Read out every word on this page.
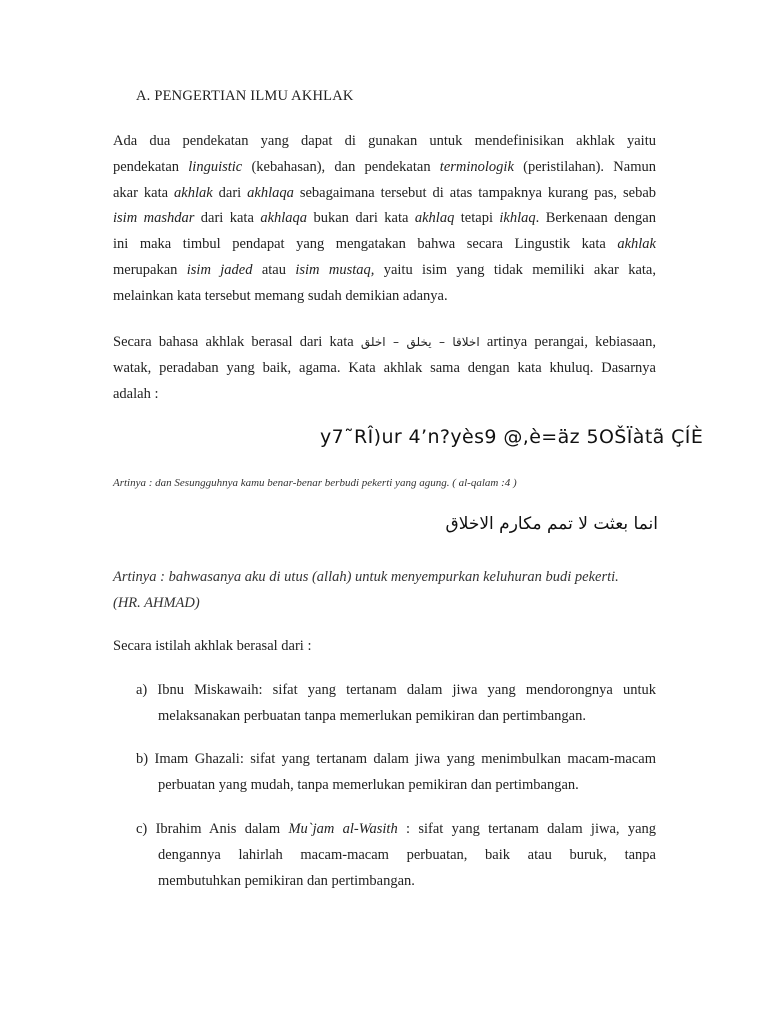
A. PENGERTIAN ILMU AKHLAK
Ada dua pendekatan yang dapat di gunakan untuk mendefinisikan akhlak yaitu
pendekatan linguistic (kebahasan), dan pendekatan terminologik (peristilahan). Namun
akar kata akhlak dari akhlaqa sebagaimana tersebut di atas tampaknya kurang pas, sebab
isim mashdar dari kata akhlaqa bukan dari kata akhlaq tetapi ikhlaq. Berkenaan dengan
ini maka timbul pendapat yang mengatakan bahwa secara Lingustik kata akhlak
merupakan isim jaded atau isim mustaq, yaitu isim yang tidak memiliki akar kata,
melainkan kata tersebut memang sudah demikian adanya.
Secara bahasa akhlak berasal dari kata اخلاقا – يخلق – اخلق artinya perangai, kebiasaan,
watak, peradaban yang baik, agama. Kata akhlak sama dengan kata khuluq. Dasarnya
adalah :
y7˜RÎ)ur 4’n?yès9 @,è=äz 5OŠÏàtã ÇÍÈ
Artinya : dan Sesungguhnya kamu benar-benar berbudi pekerti yang agung. ( al-qalam :4 )
انما بعثت لا تمم مكارم الاخلاق
Artinya : bahwasanya aku di utus (allah) untuk menyempurkan keluhuran budi pekerti.
(HR. AHMAD)
Secara istilah akhlak berasal dari :
a) Ibnu Miskawaih: sifat yang tertanam dalam jiwa yang mendorongnya untuk
melaksanakan perbuatan tanpa memerlukan pemikiran dan pertimbangan.
b) Imam Ghazali: sifat yang tertanam dalam jiwa yang menimbulkan macam-macam
perbuatan yang mudah, tanpa memerlukan pemikiran dan pertimbangan.
c) Ibrahim Anis dalam Mu`jam al-Wasith : sifat yang tertanam dalam jiwa, yang
dengannya lahirlah macam-macam perbuatan, baik atau buruk, tanpa
membutuhkan pemikiran dan pertimbangan.
